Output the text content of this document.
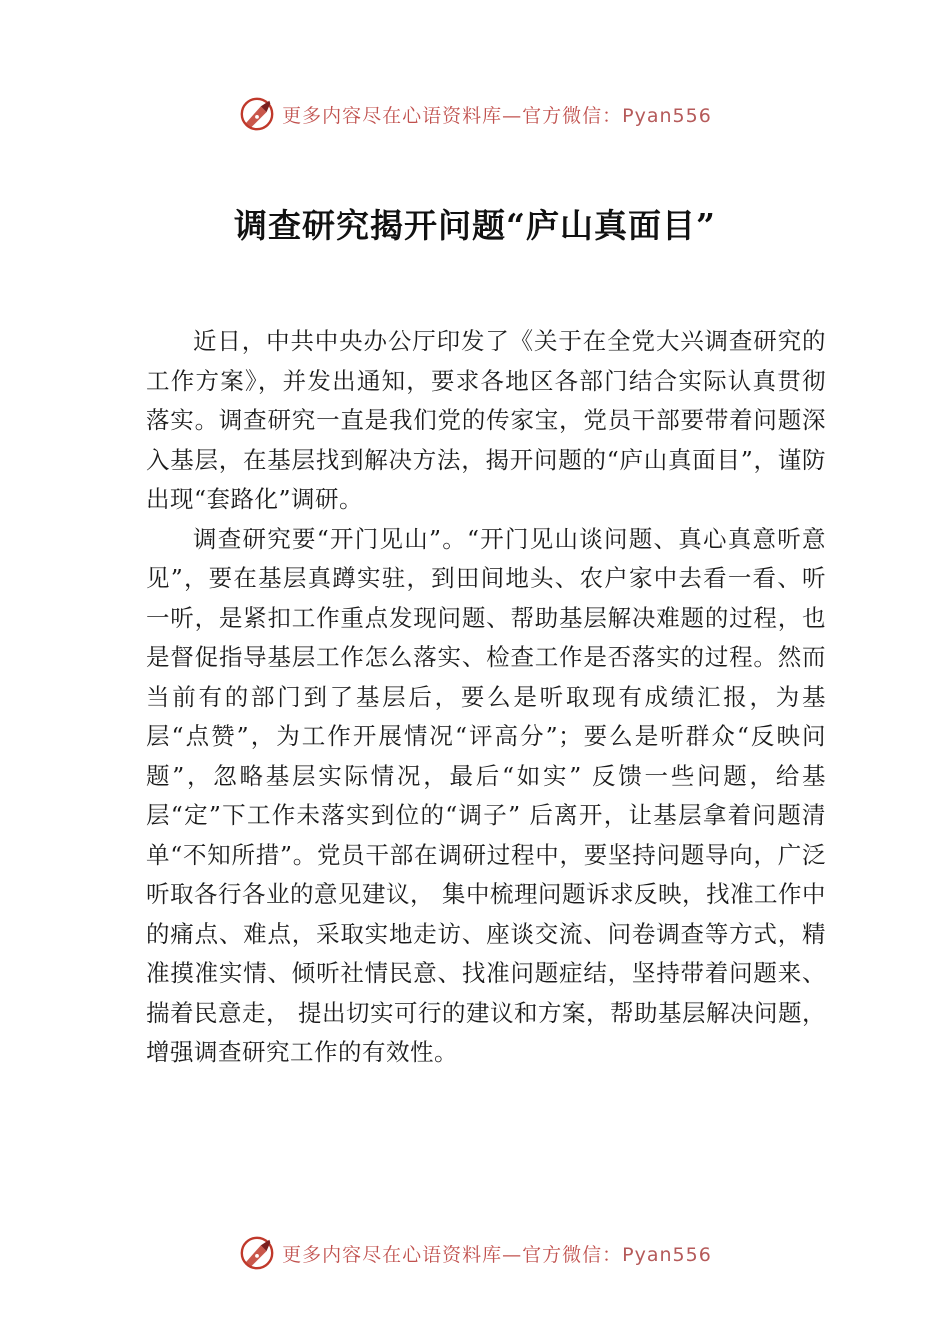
更多内容尽在心语资料库—官方微信：Pyan556
调查研究揭开问题“庐山真面目”

近日，中共中央办公厅印发了《关于在全党大兴调查研究的工作方案》，并发出通知，要求各地区各部门结合实际认真贯彻落实。调查研究一直是我们党的传家宝，党员干部要带着问题深入基层，在基层找到解决方法，揭开问题的“庐山真面目”，谨防出现“套路化”调研。

调查研究要“开门见山”。“开门见山谈问题、真心真意听意见”，要在基层真蹲实驻，到田间地头、农户家中去看一看、听一听，是紧扣工作重点发现问题、帮助基层解决难题的过程，也是督促指导基层工作怎么落实、检查工作是否落实的过程。然而当前有的部门到了基层后，要么是听取现有成绩汇报，为基层“点赞”，为工作开展情况“评高分”；要么是听群众“反映问题”，忽略基层实际情况，最后“如实” 反馈一些问题，给基层“定”下工作未落实到位的“调子” 后离开，让基层拿着问题清单“不知所措”。党员干部在调研过程中，要坚持问题导向，广泛听取各行各业的意见建议， 集中梳理问题诉求反映，找准工作中的痛点、难点，采取实地走访、座谈交流、问卷调查等方式，精准摸准实情、倾听社情民意、找准问题症结，坚持带着问题来、揣着民意走， 提出切实可行的建议和方案，帮助基层解决问题，增强调查研究工作的有效性。

更多内容尽在心语资料库—官方微信：Pyan556
